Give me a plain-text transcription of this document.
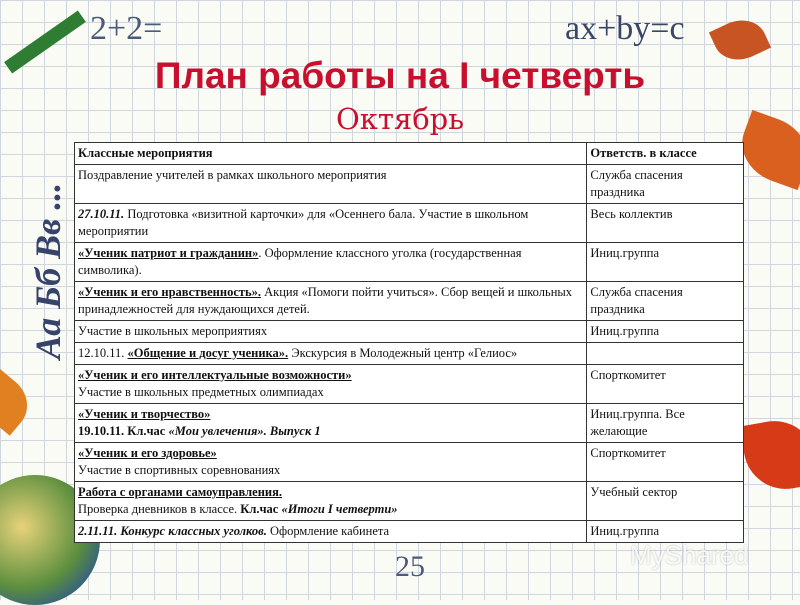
2+2=	ax+by=c
25
Аа Бб Вв ...
План работы на I четверть
Октябрь
Классные мероприятия	Ответств. в классе
Поздравление учителей в рамках школьного мероприятия	Служба спасения праздника
27.10.11. Подготовка «визитной карточки» для «Осеннего бала. Участие в школьном мероприятии	Весь коллектив
«Ученик патриот и гражданин». Оформление классного уголка (государственная символика).	Иниц.группа
«Ученик и его нравственность». Акция «Помоги пойти учиться». Сбор вещей и школьных принадлежностей для нуждающихся детей.	Служба спасения праздника
Участие в школьных мероприятиях	Иниц.группа
12.10.11. «Общение и досуг ученика». Экскурсия в Молодежный центр «Гелиос»	
«Ученик и его интеллектуальные возможности»
Участие в школьных предметных олимпиадах	Спорткомитет
«Ученик и творчество»
19.10.11. Кл.час «Мои увлечения». Выпуск 1	Иниц.группа. Все желающие
«Ученик и его здоровье»
Участие в спортивных соревнованиях	Спорткомитет
Работа с органами самоуправления.
Проверка дневников в классе. Кл.час «Итоги I четверти»	Учебный сектор
2.11.11. Конкурс классных уголков. Оформление кабинета	Иниц.группа
MyShared
